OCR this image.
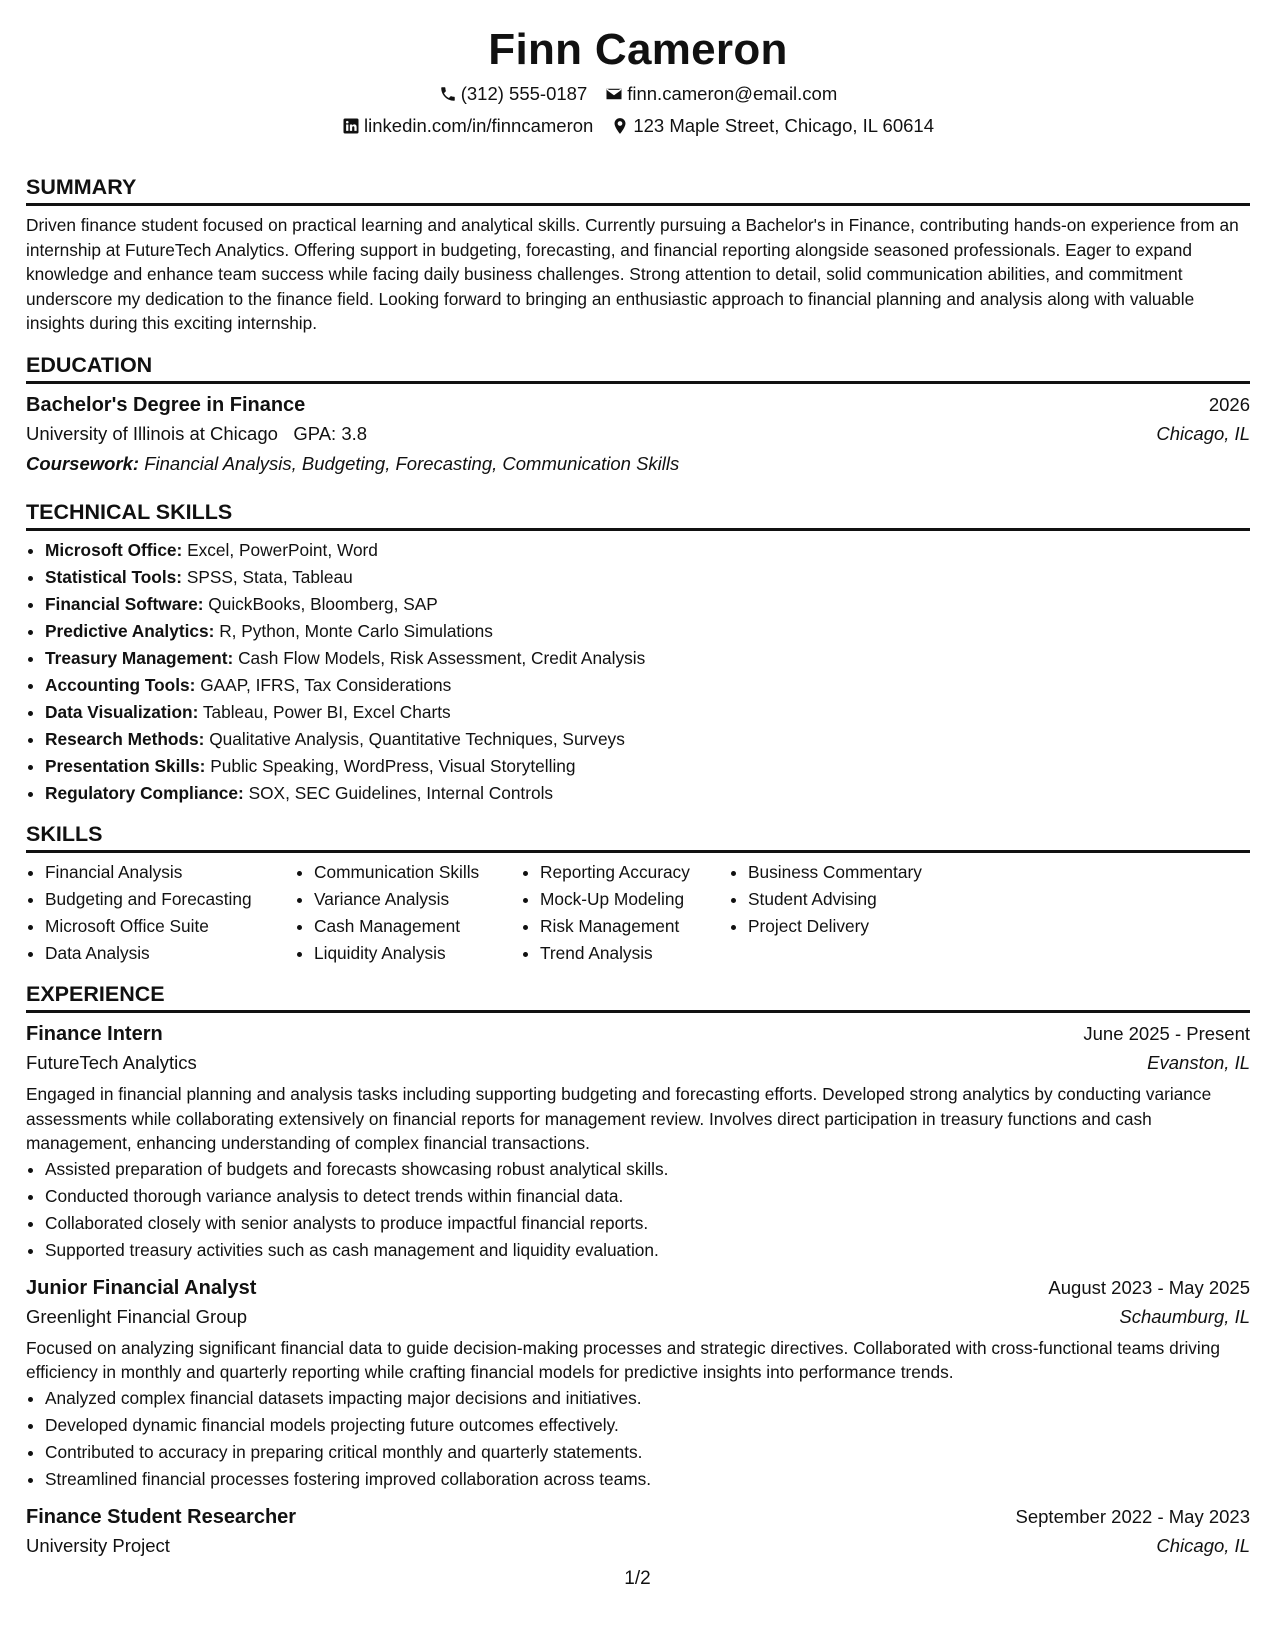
Finn Cameron
(312) 555-0187 finn.cameron@email.com
linkedin.com/in/finncameron 123 Maple Street, Chicago, IL 60614
SUMMARY
Driven finance student focused on practical learning and analytical skills. Currently pursuing a Bachelor's in Finance, contributing hands-on experience from an internship at FutureTech Analytics. Offering support in budgeting, forecasting, and financial reporting alongside seasoned professionals. Eager to expand knowledge and enhance team success while facing daily business challenges. Strong attention to detail, solid communication abilities, and commitment underscore my dedication to the finance field. Looking forward to bringing an enthusiastic approach to financial planning and analysis along with valuable insights during this exciting internship.
EDUCATION
Bachelor's Degree in Finance	2026
University of Illinois at Chicago GPA: 3.8	Chicago, IL
Coursework: Financial Analysis, Budgeting, Forecasting, Communication Skills
TECHNICAL SKILLS
• Microsoft Office: Excel, PowerPoint, Word
• Statistical Tools: SPSS, Stata, Tableau
• Financial Software: QuickBooks, Bloomberg, SAP
• Predictive Analytics: R, Python, Monte Carlo Simulations
• Treasury Management: Cash Flow Models, Risk Assessment, Credit Analysis
• Accounting Tools: GAAP, IFRS, Tax Considerations
• Data Visualization: Tableau, Power BI, Excel Charts
• Research Methods: Qualitative Analysis, Quantitative Techniques, Surveys
• Presentation Skills: Public Speaking, WordPress, Visual Storytelling
• Regulatory Compliance: SOX, SEC Guidelines, Internal Controls
SKILLS
• Financial Analysis
• Budgeting and Forecasting
• Microsoft Office Suite
• Data Analysis
• Communication Skills
• Variance Analysis
• Cash Management
• Liquidity Analysis
• Reporting Accuracy
• Mock-Up Modeling
• Risk Management
• Trend Analysis
• Business Commentary
• Student Advising
• Project Delivery
EXPERIENCE
Finance Intern	June 2025 - Present
FutureTech Analytics	Evanston, IL
Engaged in financial planning and analysis tasks including supporting budgeting and forecasting efforts. Developed strong analytics by conducting variance assessments while collaborating extensively on financial reports for management review. Involves direct participation in treasury functions and cash management, enhancing understanding of complex financial transactions.
• Assisted preparation of budgets and forecasts showcasing robust analytical skills.
• Conducted thorough variance analysis to detect trends within financial data.
• Collaborated closely with senior analysts to produce impactful financial reports.
• Supported treasury activities such as cash management and liquidity evaluation.
Junior Financial Analyst	August 2023 - May 2025
Greenlight Financial Group	Schaumburg, IL
Focused on analyzing significant financial data to guide decision-making processes and strategic directives. Collaborated with cross-functional teams driving efficiency in monthly and quarterly reporting while crafting financial models for predictive insights into performance trends.
• Analyzed complex financial datasets impacting major decisions and initiatives.
• Developed dynamic financial models projecting future outcomes effectively.
• Contributed to accuracy in preparing critical monthly and quarterly statements.
• Streamlined financial processes fostering improved collaboration across teams.
Finance Student Researcher	September 2022 - May 2023
University Project	Chicago, IL
1/2
